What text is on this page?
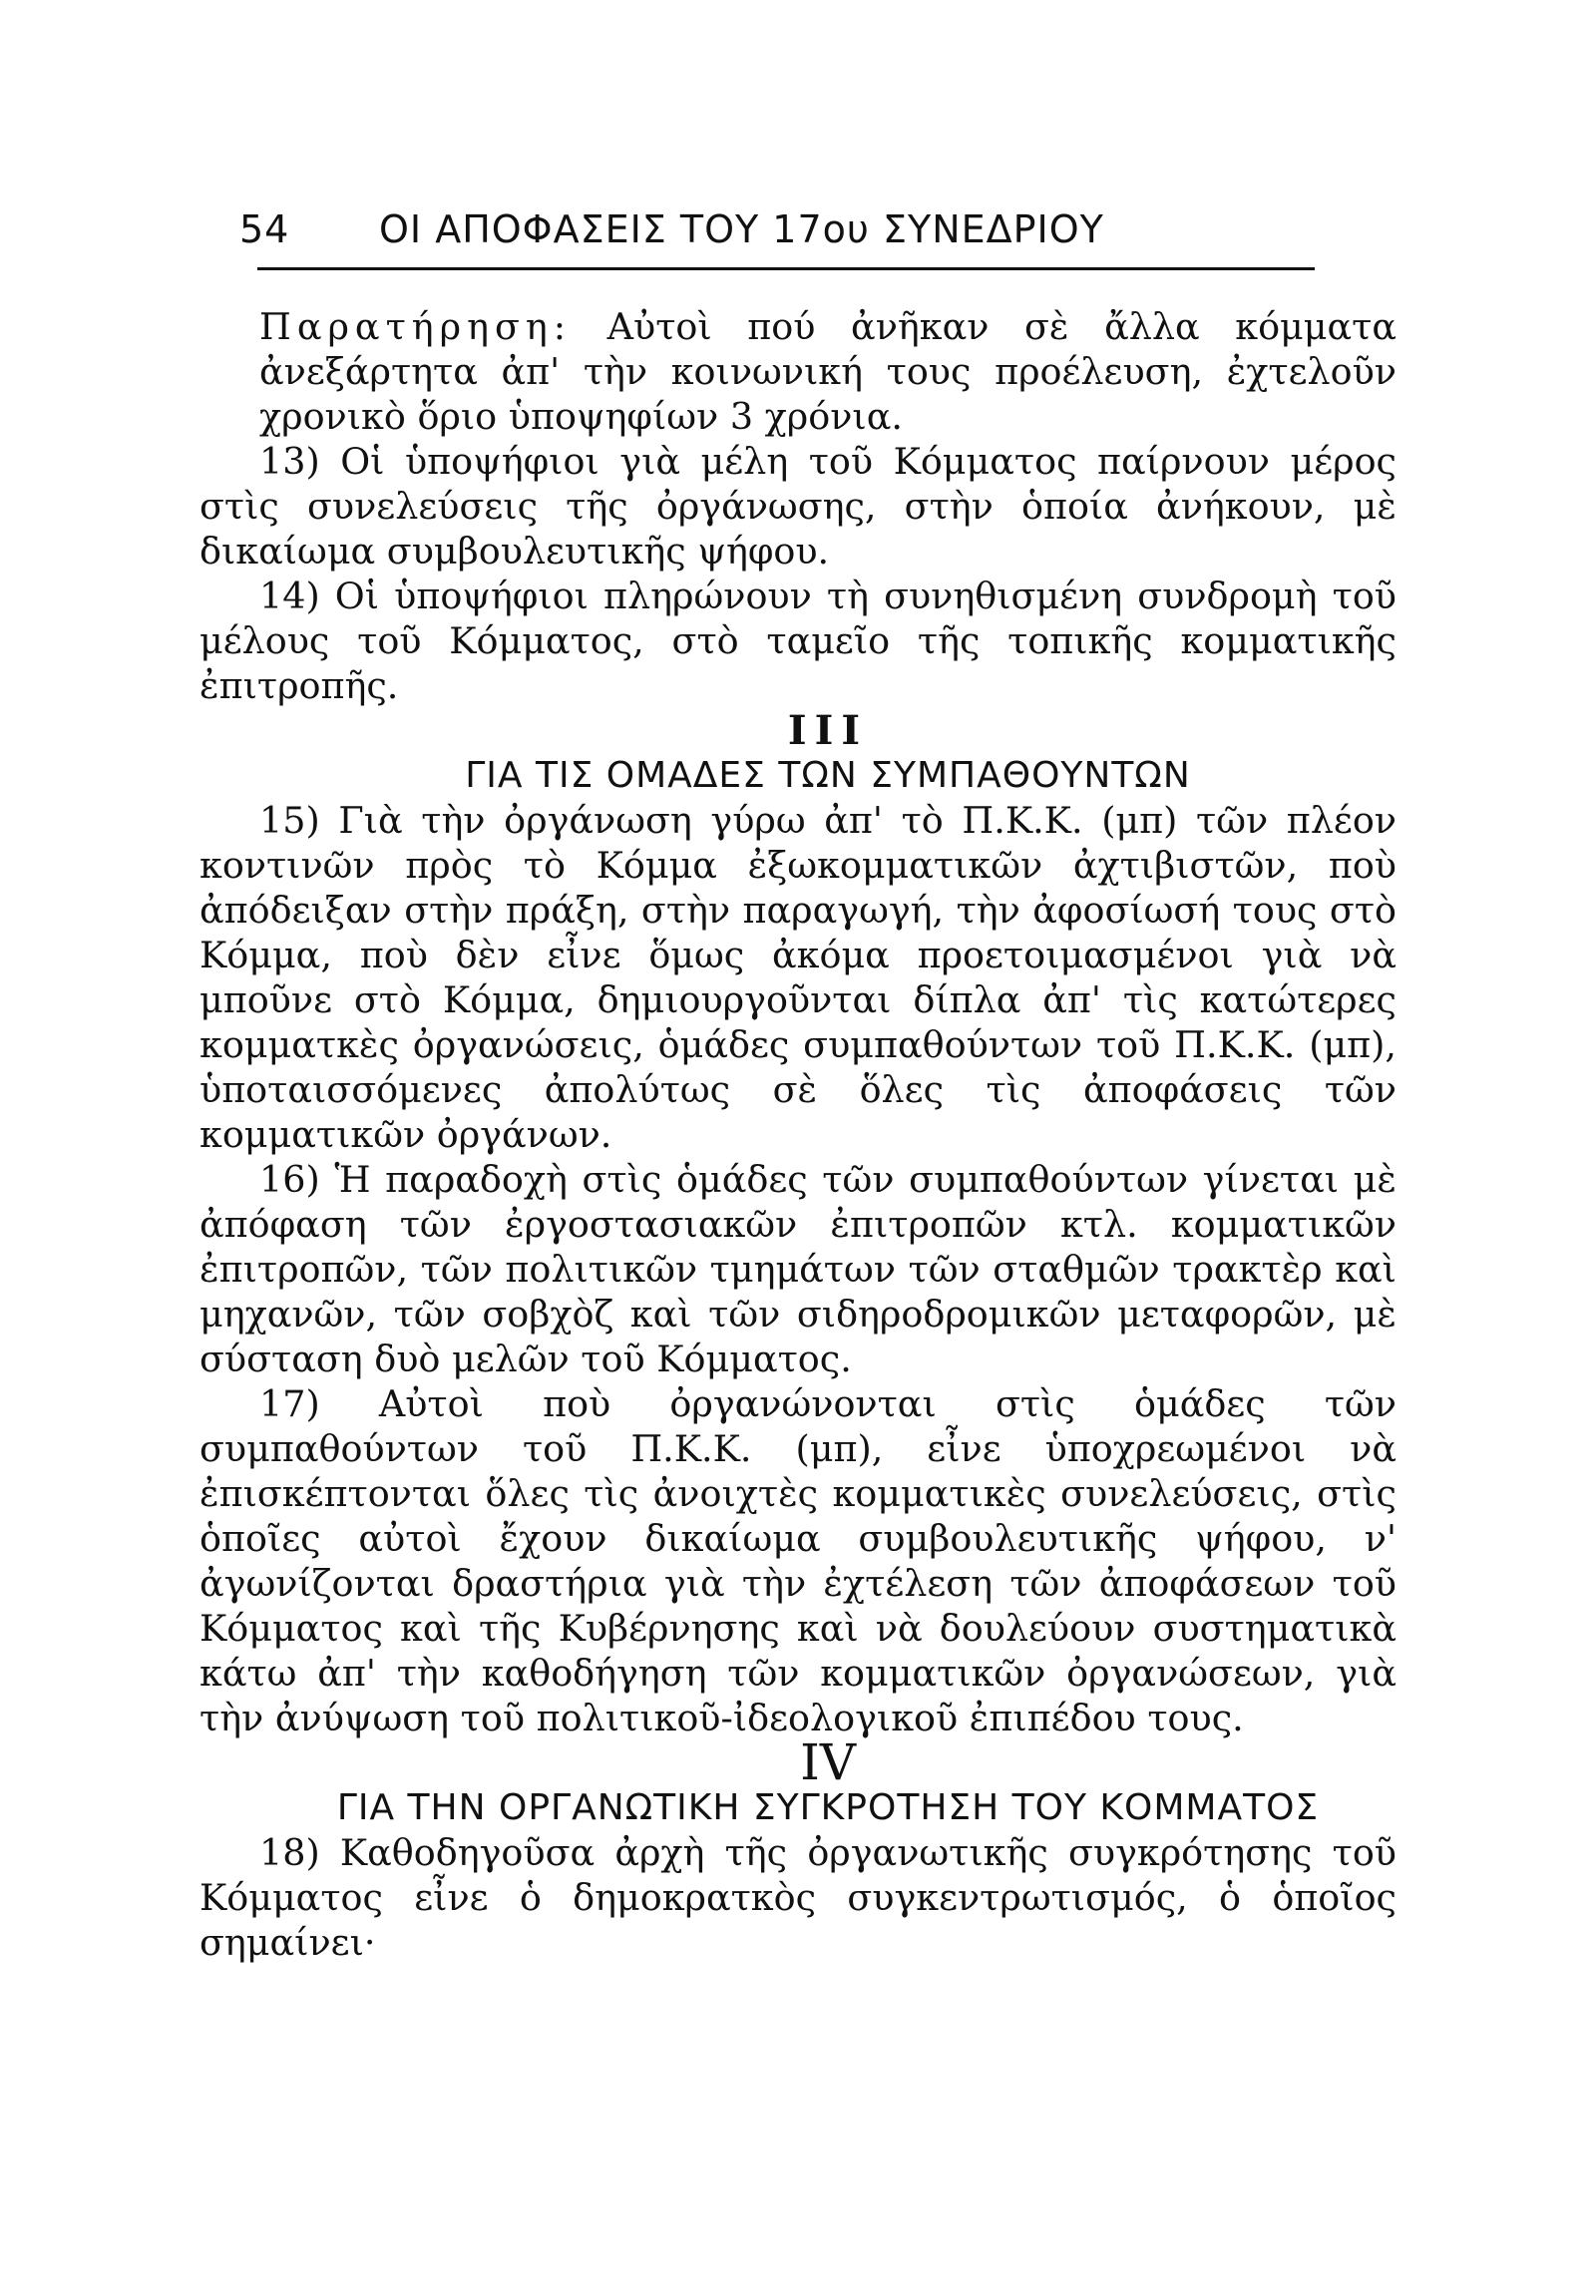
54 ΟΙ ΑΠΟΦΑΣΕΙΣ ΤΟΥ 17ου ΣΥΝΕΔΡΙΟΥ

Παρατήρηση: Αὐτοὶ πού ἀνῆκαν σὲ ἄλλα κόμματα ἀνεξάρτητα ἀπ' τὴν κοινωνική τους προέλευση, ἐχτελοῦν χρονικὸ ὅριο ὑποψηφίων 3 χρόνια.

13) Οἱ ὑποψήφιοι γιὰ μέλη τοῦ Κόμματος παίρνουν μέρος στὶς συνελεύσεις τῆς ὀργάνωσης, στὴν ὁποία ἀνήκουν, μὲ δικαίωμα συμβουλευτικῆς ψήφου.

14) Οἱ ὑποψήφιοι πληρώνουν τὴ συνηθισμένη συνδρομὴ τοῦ μέλους τοῦ Κόμματος, στὸ ταμεῖο τῆς τοπικῆς κομματικῆς ἐπιτροπῆς.

III

ΓΙΑ ΤΙΣ ΟΜΑΔΕΣ ΤΩΝ ΣΥΜΠΑΘΟΥΝΤΩΝ

15) Γιὰ τὴν ὀργάνωση γύρω ἀπ' τὸ Π.Κ.Κ. (μπ) τῶν πλέον κοντινῶν πρὸς τὸ Κόμμα ἐξωκομματικῶν ἀχτιβιστῶν, ποὺ ἀπόδειξαν στὴν πράξη, στὴν παραγωγή, τὴν ἀφοσίωσή τους στὸ Κόμμα, ποὺ δὲν εἶνε ὅμως ἀκόμα προετοιμασμένοι γιὰ νὰ μποῦνε στὸ Κόμμα, δημιουργοῦνται δίπλα ἀπ' τὶς κατώτερες κομματκὲς ὀργανώσεις, ὁμάδες συμπαθούντων τοῦ Π.Κ.Κ. (μπ), ὑποταισσόμενες ἀπολύτως σὲ ὅλες τὶς ἀποφάσεις τῶν κομματικῶν ὀργάνων.

16) Ἡ παραδοχὴ στὶς ὁμάδες τῶν συμπαθούντων γίνεται μὲ ἀπόφαση τῶν ἐργοστασιακῶν ἐπιτροπῶν κτλ. κομματικῶν ἐπιτροπῶν, τῶν πολιτικῶν τμημάτων τῶν σταθμῶν τρακτὲρ καὶ μηχανῶν, τῶν σοβχὸζ καὶ τῶν σιδηροδρομικῶν μεταφορῶν, μὲ σύσταση δυὸ μελῶν τοῦ Κόμματος.

17) Αὐτοὶ ποὺ ὀργανώνονται στὶς ὁμάδες τῶν συμπαθούντων τοῦ Π.Κ.Κ. (μπ), εἶνε ὑποχρεωμένοι νὰ ἐπισκέπτονται ὅλες τὶς ἀνοιχτὲς κομματικὲς συνελεύσεις, στὶς ὁποῖες αὐτοὶ ἔχουν δικαίωμα συμβουλευτικῆς ψήφου, ν' ἀγωνίζονται δραστήρια γιὰ τὴν ἐχτέλεση τῶν ἀποφάσεων τοῦ Κόμματος καὶ τῆς Κυβέρνησης καὶ νὰ δουλεύουν συστηματικὰ κάτω ἀπ' τὴν καθοδήγηση τῶν κομματικῶν ὀργανώσεων, γιὰ τὴν ἀνύψωση τοῦ πολιτικοῦ-ἰδεολογικοῦ ἐπιπέδου τους.

IV

ΓΙΑ ΤΗΝ ΟΡΓΑΝΩΤΙΚΗ ΣΥΓΚΡΟΤΗΣΗ ΤΟΥ ΚΟΜΜΑΤΟΣ

18) Καθοδηγοῦσα ἀρχὴ τῆς ὀργανωτικῆς συγκρότησης τοῦ Κόμματος εἶνε ὁ δημοκρατκὸς συγκεντρωτισμός, ὁ ὁποῖος σημαίνει·
